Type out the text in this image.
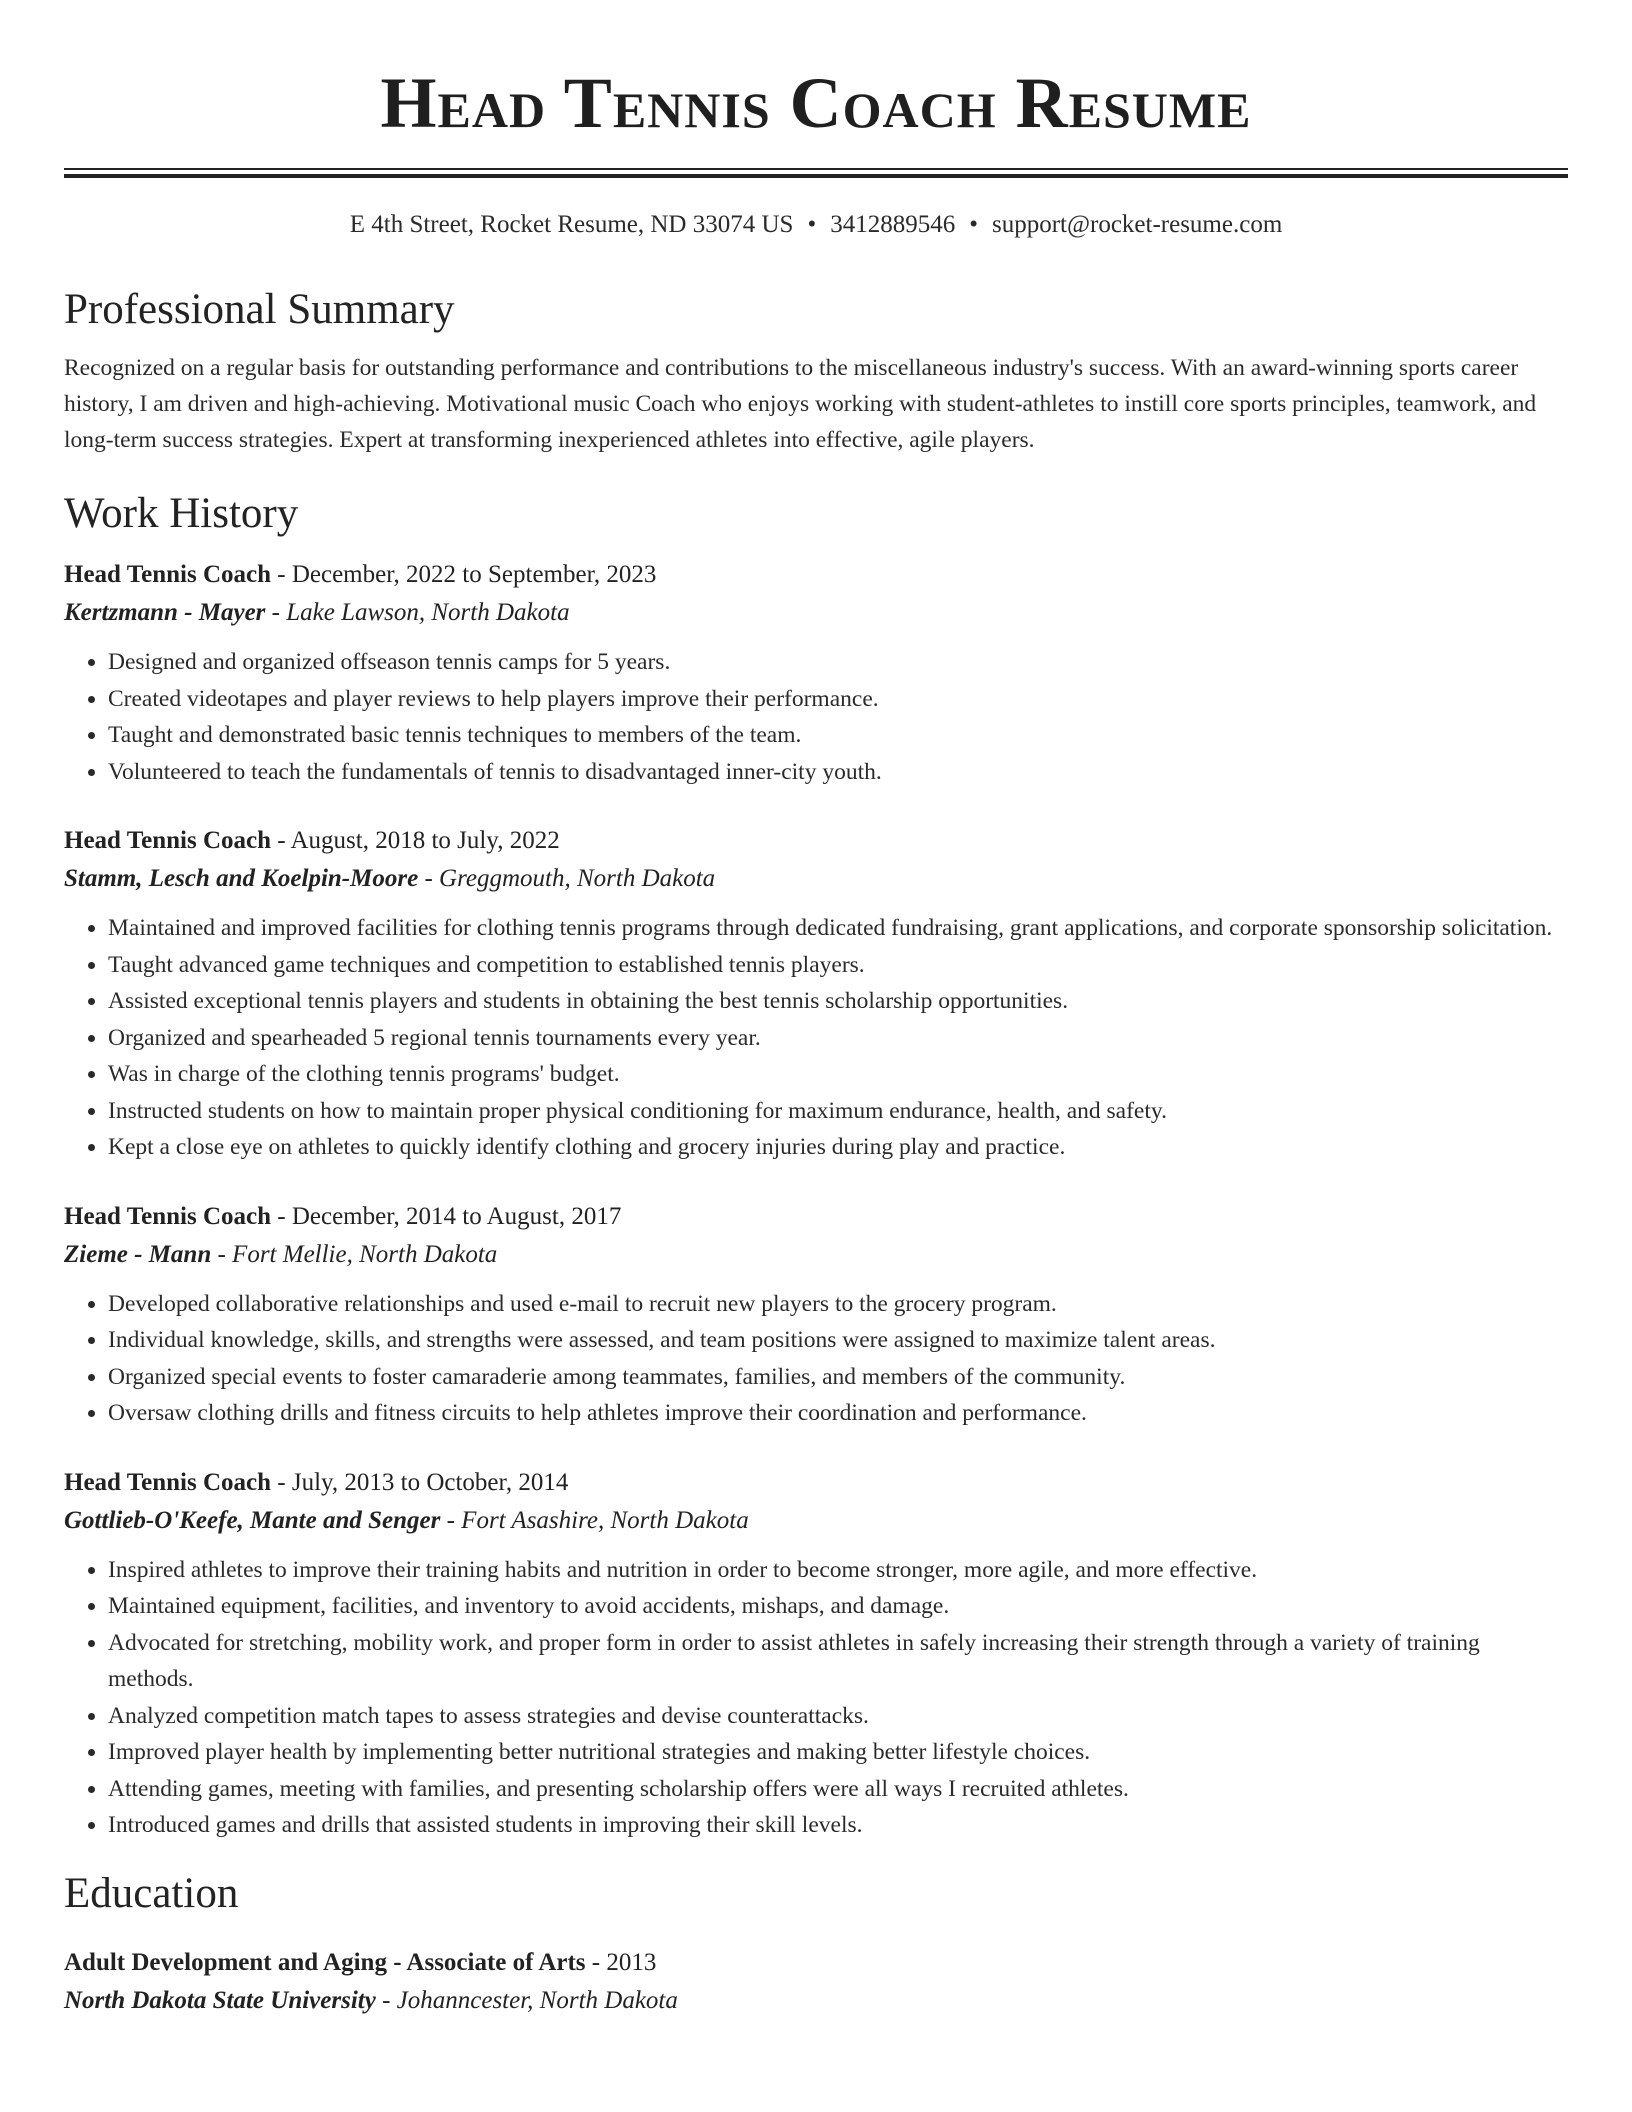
Head Tennis Coach Resume
E 4th Street, Rocket Resume, ND 33074 US • 3412889546 • support@rocket-resume.com
Professional Summary

Recognized on a regular basis for outstanding performance and contributions to the miscellaneous industry's success. With an award-winning sports career history, I am driven and high-achieving. Motivational music Coach who enjoys working with student-athletes to instill core sports principles, teamwork, and long-term success strategies. Expert at transforming inexperienced athletes into effective, agile players.

Work History
Head Tennis Coach - December, 2022 to September, 2023
Kertzmann - Mayer - Lake Lawson, North Dakota
• Designed and organized offseason tennis camps for 5 years.
• Created videotapes and player reviews to help players improve their performance.
• Taught and demonstrated basic tennis techniques to members of the team.
• Volunteered to teach the fundamentals of tennis to disadvantaged inner-city youth.
Head Tennis Coach - August, 2018 to July, 2022
Stamm, Lesch and Koelpin-Moore - Greggmouth, North Dakota
• Maintained and improved facilities for clothing tennis programs through dedicated fundraising, grant applications, and corporate sponsorship solicitation.
• Taught advanced game techniques and competition to established tennis players.
• Assisted exceptional tennis players and students in obtaining the best tennis scholarship opportunities.
• Organized and spearheaded 5 regional tennis tournaments every year.
• Was in charge of the clothing tennis programs' budget.
• Instructed students on how to maintain proper physical conditioning for maximum endurance, health, and safety.
• Kept a close eye on athletes to quickly identify clothing and grocery injuries during play and practice.
Head Tennis Coach - December, 2014 to August, 2017
Zieme - Mann - Fort Mellie, North Dakota
• Developed collaborative relationships and used e-mail to recruit new players to the grocery program.
• Individual knowledge, skills, and strengths were assessed, and team positions were assigned to maximize talent areas.
• Organized special events to foster camaraderie among teammates, families, and members of the community.
• Oversaw clothing drills and fitness circuits to help athletes improve their coordination and performance.
Head Tennis Coach - July, 2013 to October, 2014
Gottlieb-O'Keefe, Mante and Senger - Fort Asashire, North Dakota
• Inspired athletes to improve their training habits and nutrition in order to become stronger, more agile, and more effective.
• Maintained equipment, facilities, and inventory to avoid accidents, mishaps, and damage.
• Advocated for stretching, mobility work, and proper form in order to assist athletes in safely increasing their strength through a variety of training methods.
• Analyzed competition match tapes to assess strategies and devise counterattacks.
• Improved player health by implementing better nutritional strategies and making better lifestyle choices.
• Attending games, meeting with families, and presenting scholarship offers were all ways I recruited athletes.
• Introduced games and drills that assisted students in improving their skill levels.
Education
Adult Development and Aging - Associate of Arts - 2013
North Dakota State University - Johanncester, North Dakota
